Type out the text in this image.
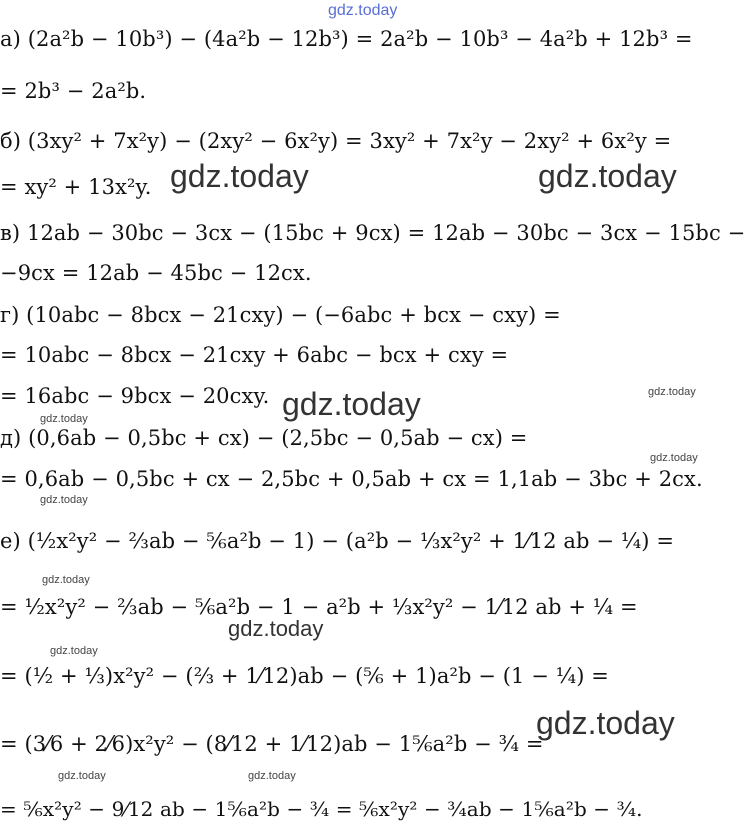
gdz.today
а) (2a²b − 10b³) − (4a²b − 12b³) = 2a²b − 10b³ − 4a²b + 12b³ =
= 2b³ − 2a²b.
б) (3xy² + 7x²y) − (2xy² − 6x²y) = 3xy² + 7x²y − 2xy² + 6x²y =
= xy² + 13x²y. gdz.today	gdz.today
в) 12ab − 30bc − 3cx − (15bc + 9cx) = 12ab − 30bc − 3cx − 15bc −
−9cx = 12ab − 45bc − 12cx.
г) (10abc − 8bcx − 21cxy) − (−6abc + bcx − cxy) =
= 10abc − 8bcx − 21cxy + 6abc − bcx + cxy =
= 16abc − 9bcx − 20cxy. gdz.today	gdz.today
gdz.today
д) (0,6ab − 0,5bc + cx) − (2,5bc − 0,5ab − cx) =
gdz.today
= 0,6ab − 0,5bc + cx − 2,5bc + 0,5ab + cx = 1,1ab − 3bc + 2cx.
gdz.today
е) (½x²y² − ⅔ab − ⅚a²b − 1) − (a²b − ⅓x²y² + 1⁄12 ab − ¼) =
gdz.today
= ½x²y² − ⅔ab − ⅚a²b − 1 − a²b + ⅓x²y² − 1⁄12 ab + ¼ =
gdz.today
gdz.today
= (½ + ⅓)x²y² − (⅔ + 1⁄12)ab − (⅚ + 1)a²b − (1 − ¼) =
gdz.today
= (3⁄6 + 2⁄6)x²y² − (8⁄12 + 1⁄12)ab − 1⅚a²b − ¾ =
gdz.today	gdz.today
= ⅚x²y² − 9⁄12 ab − 1⅚a²b − ¾ = ⅚x²y² − ¾ab − 1⅚a²b − ¾.
